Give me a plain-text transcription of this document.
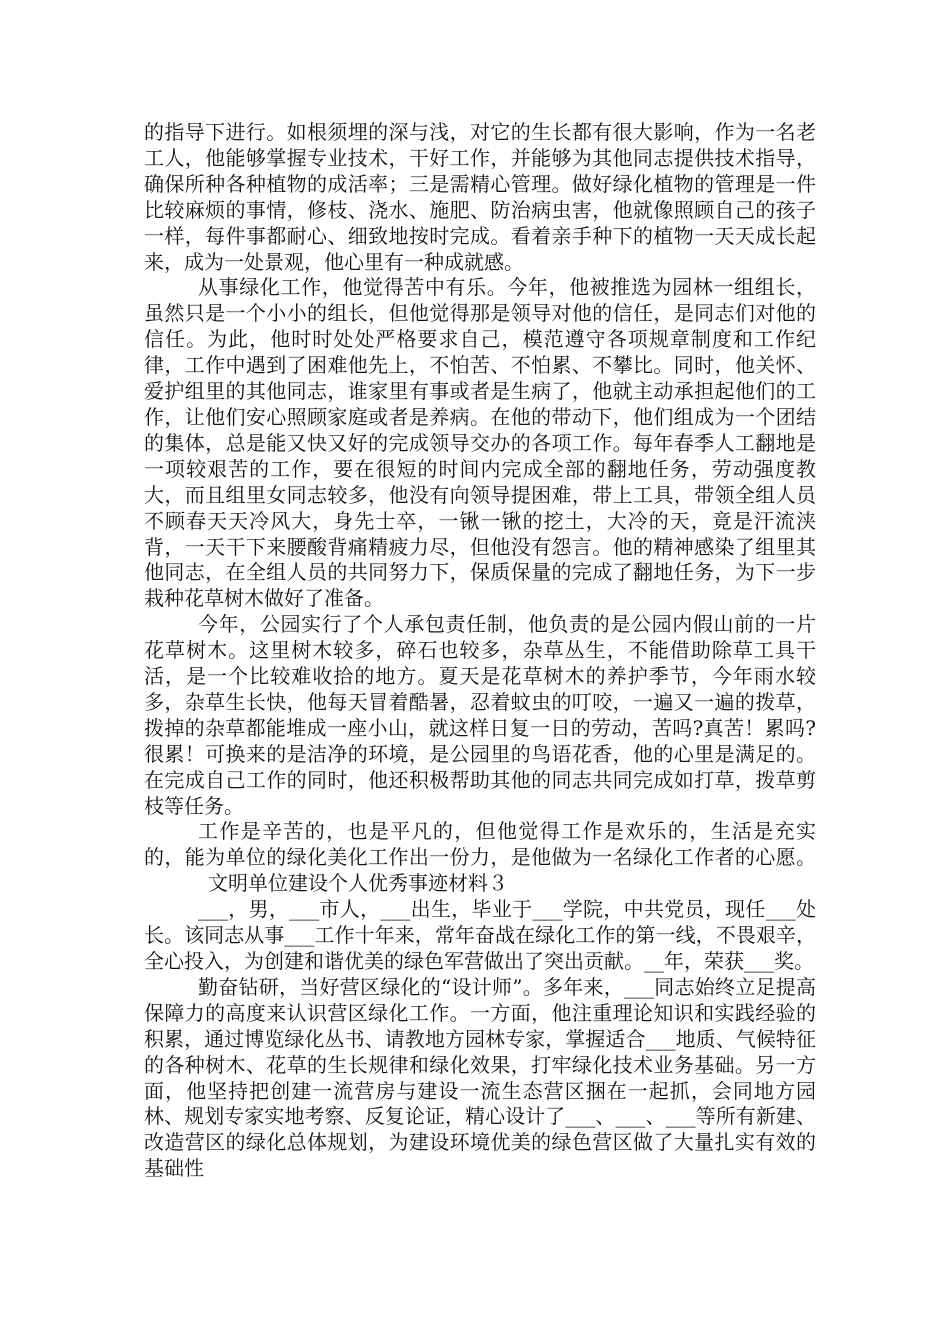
的指导下进行。如根须埋的深与浅，对它的生长都有很大影响，作为一名老工人，他能够掌握专业技术，干好工作，并能够为其他同志提供技术指导，确保所种各种植物的成活率；三是需精心管理。做好绿化植物的管理是一件比较麻烦的事情，修枝、浇水、施肥、防治病虫害，他就像照顾自己的孩子一样，每件事都耐心、细致地按时完成。看着亲手种下的植物一天天成长起来，成为一处景观，他心里有一种成就感。

从事绿化工作，他觉得苦中有乐。今年，他被推选为园林一组组长，虽然只是一个小小的组长，但他觉得那是领导对他的信任，是同志们对他的信任。为此，他时时处处严格要求自己，模范遵守各项规章制度和工作纪律，工作中遇到了困难他先上，不怕苦、不怕累、不攀比。同时，他关怀、爱护组里的其他同志，谁家里有事或者是生病了，他就主动承担起他们的工作，让他们安心照顾家庭或者是养病。在他的带动下，他们组成为一个团结的集体，总是能又快又好的完成领导交办的各项工作。每年春季人工翻地是一项较艰苦的工作，要在很短的时间内完成全部的翻地任务，劳动强度教大，而且组里女同志较多，他没有向领导提困难，带上工具，带领全组人员不顾春天天冷风大，身先士卒，一锹一锹的挖土，大冷的天，竟是汗流浃背，一天干下来腰酸背痛精疲力尽，但他没有怨言。他的精神感染了组里其他同志，在全组人员的共同努力下，保质保量的完成了翻地任务，为下一步栽种花草树木做好了准备。

今年，公园实行了个人承包责任制，他负责的是公园内假山前的一片花草树木。这里树木较多，碎石也较多，杂草丛生，不能借助除草工具干活，是一个比较难收拾的地方。夏天是花草树木的养护季节，今年雨水较多，杂草生长快，他每天冒着酷暑，忍着蚊虫的叮咬，一遍又一遍的拨草，拨掉的杂草都能堆成一座小山，就这样日复一日的劳动，苦吗?真苦！累吗?很累！可换来的是洁净的环境，是公园里的鸟语花香，他的心里是满足的。在完成自己工作的同时，他还积极帮助其他的同志共同完成如打草，拨草剪枝等任务。

工作是辛苦的，也是平凡的，但他觉得工作是欢乐的，生活是充实的，能为单位的绿化美化工作出一份力，是他做为一名绿化工作者的心愿。文明单位建设个人优秀事迹材料３

___，男，___市人，___出生，毕业于___学院，中共党员，现任___处长。该同志从事___工作十年来，常年奋战在绿化工作的第一线，不畏艰辛，全心投入，为创建和谐优美的绿色军营做出了突出贡献。__年，荣获___奖。

勤奋钻研，当好营区绿化的“设计师”。多年来，___同志始终立足提高保障力的高度来认识营区绿化工作。一方面，他注重理论知识和实践经验的积累，通过博览绿化丛书、请教地方园林专家，掌握适合___地质、气候特征的各种树木、花草的生长规律和绿化效果，打牢绿化技术业务基础。另一方面，他坚持把创建一流营房与建设一流生态营区捆在一起抓，会同地方园林、规划专家实地考察、反复论证，精心设计了___、___、___等所有新建、改造营区的绿化总体规划，为建设环境优美的绿色营区做了大量扎实有效的基础性
